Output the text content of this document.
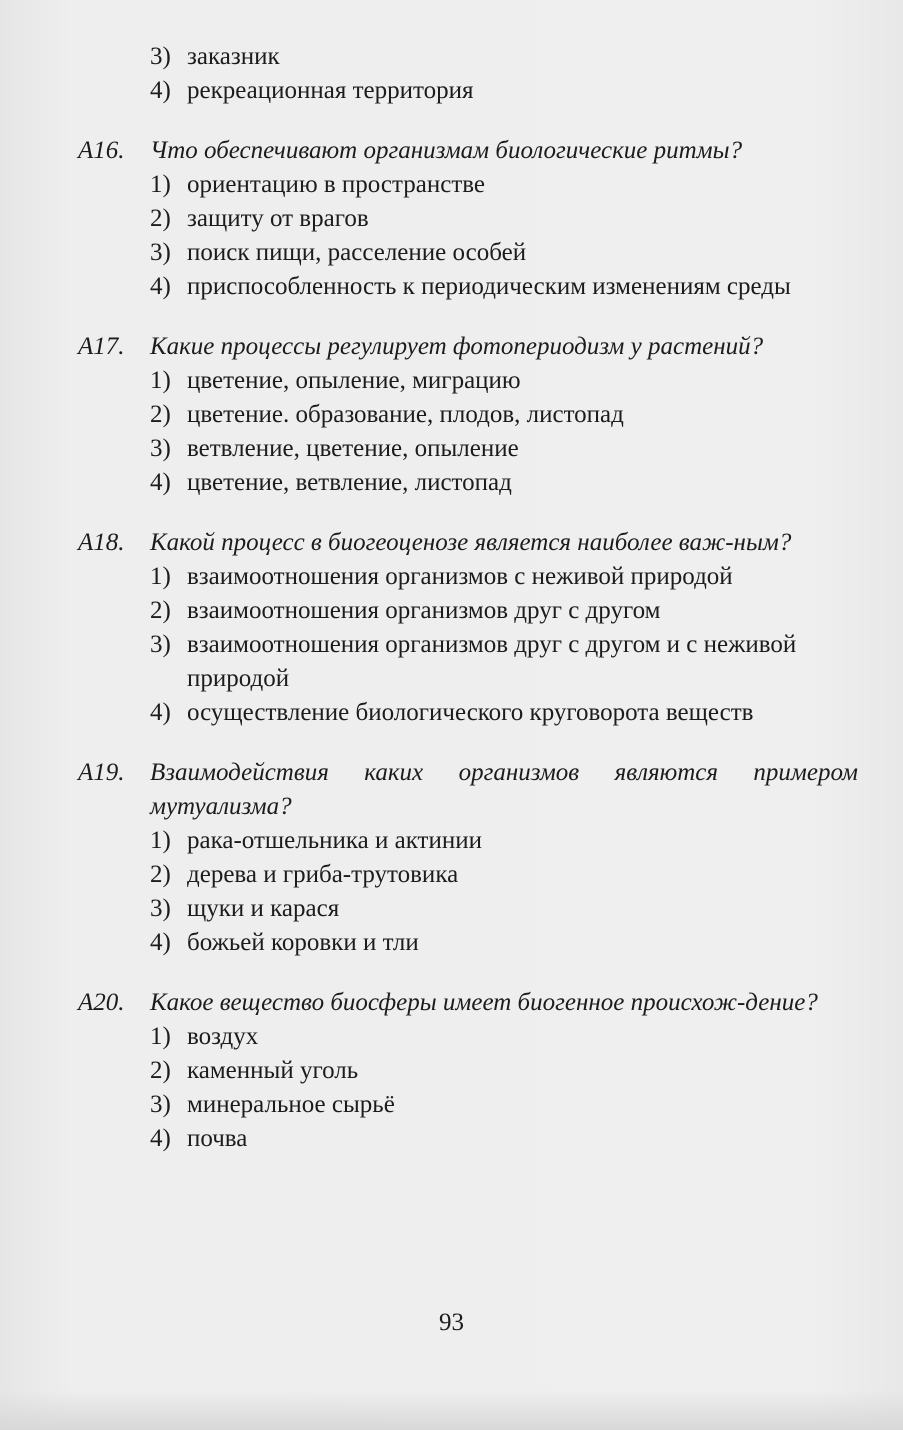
3) заказник
4) рекреационная территория
А16.	Что обеспечивают организмам биологические ритмы?
1) ориентацию в пространстве
2) защиту от врагов
3) поиск пищи, расселение особей
4) приспособленность к периодическим изменениям среды
А17.	Какие процессы регулирует фотопериодизм у растений?
1) цветение, опыление, миграцию
2) цветение. образование, плодов, листопад
3) ветвление, цветение, опыление
4) цветение, ветвление, листопад
А18.	Какой процесс в биогеоценозе является наиболее важ-ным?
1) взаимоотношения организмов с неживой природой
2) взаимоотношения организмов друг с другом
3) взаимоотношения организмов друг с другом и с неживой природой
4) осуществление биологического круговорота веществ
А19.	Взаимодействия каких организмов являются примером мутуализма?
1) рака-отшельника и актинии
2) дерева и гриба-трутовика
3) щуки и карася
4) божьей коровки и тли
А20.	Какое вещество биосферы имеет биогенное происхож-дение?
1) воздух
2) каменный уголь
3) минеральное сырьё
4) почва
93
